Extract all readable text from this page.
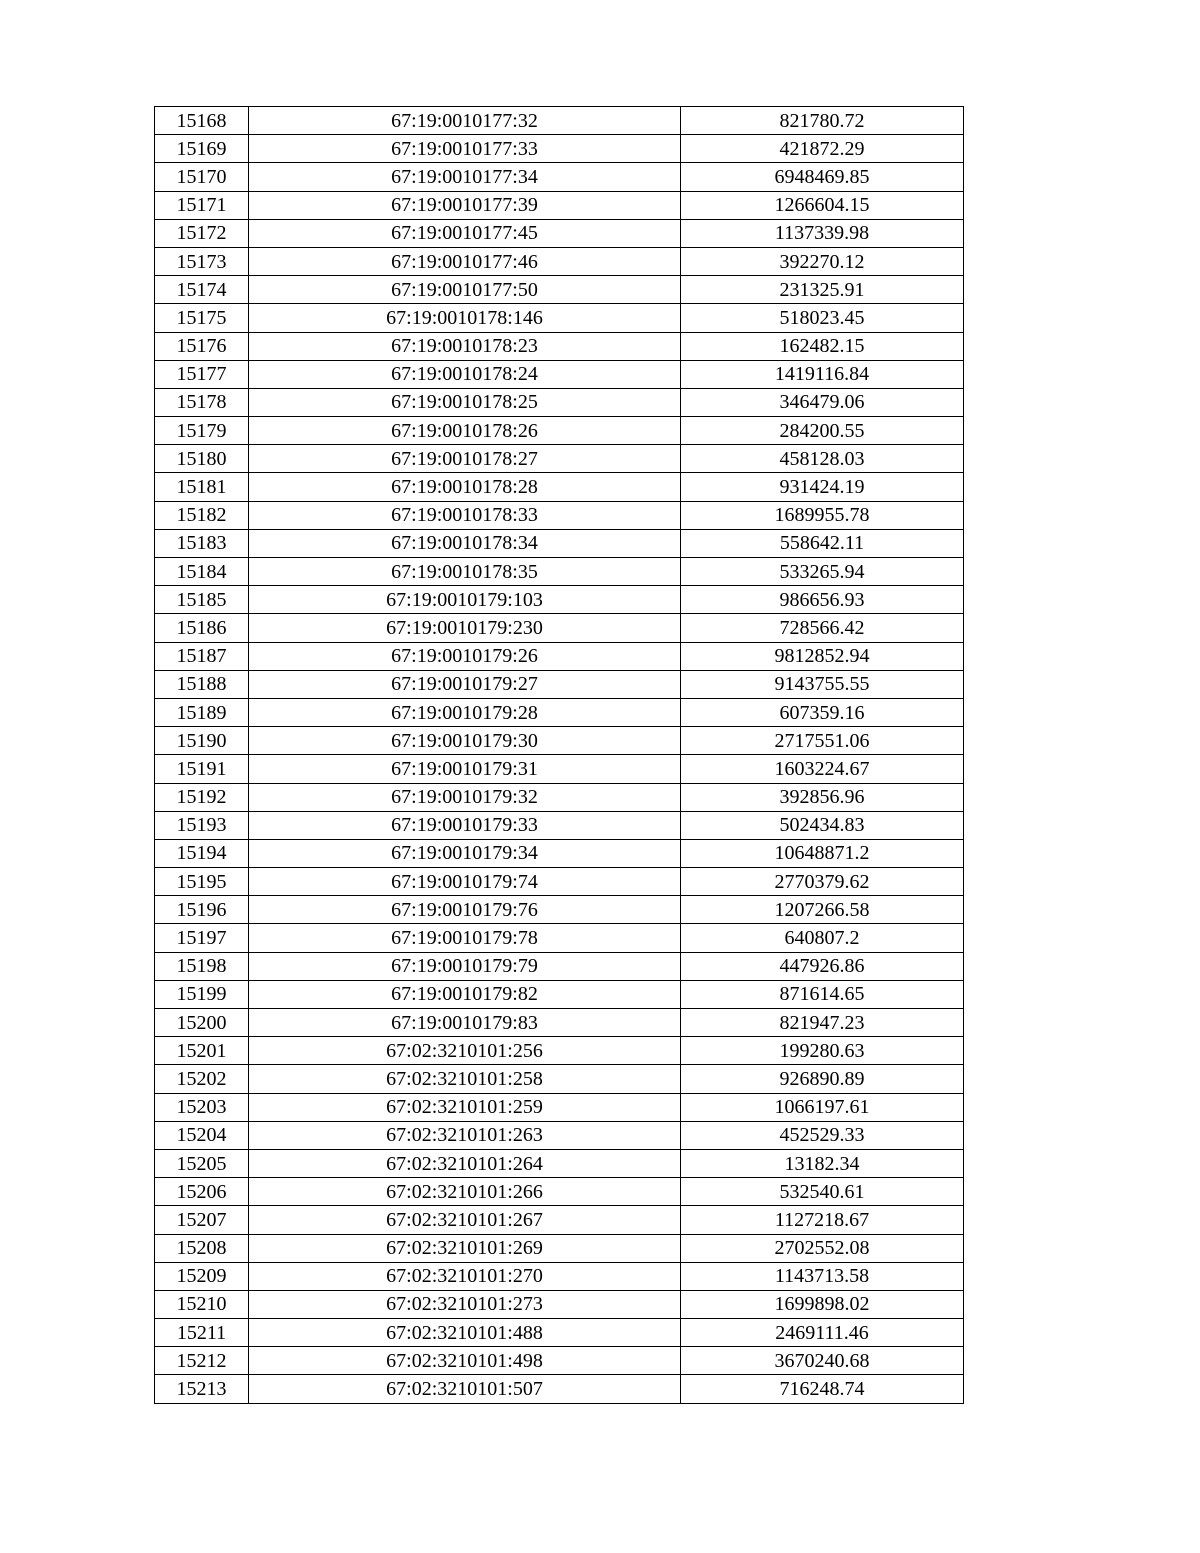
15168	67:19:0010177:32	821780.72
15169	67:19:0010177:33	421872.29
15170	67:19:0010177:34	6948469.85
15171	67:19:0010177:39	1266604.15
15172	67:19:0010177:45	1137339.98
15173	67:19:0010177:46	392270.12
15174	67:19:0010177:50	231325.91
15175	67:19:0010178:146	518023.45
15176	67:19:0010178:23	162482.15
15177	67:19:0010178:24	1419116.84
15178	67:19:0010178:25	346479.06
15179	67:19:0010178:26	284200.55
15180	67:19:0010178:27	458128.03
15181	67:19:0010178:28	931424.19
15182	67:19:0010178:33	1689955.78
15183	67:19:0010178:34	558642.11
15184	67:19:0010178:35	533265.94
15185	67:19:0010179:103	986656.93
15186	67:19:0010179:230	728566.42
15187	67:19:0010179:26	9812852.94
15188	67:19:0010179:27	9143755.55
15189	67:19:0010179:28	607359.16
15190	67:19:0010179:30	2717551.06
15191	67:19:0010179:31	1603224.67
15192	67:19:0010179:32	392856.96
15193	67:19:0010179:33	502434.83
15194	67:19:0010179:34	10648871.2
15195	67:19:0010179:74	2770379.62
15196	67:19:0010179:76	1207266.58
15197	67:19:0010179:78	640807.2
15198	67:19:0010179:79	447926.86
15199	67:19:0010179:82	871614.65
15200	67:19:0010179:83	821947.23
15201	67:02:3210101:256	199280.63
15202	67:02:3210101:258	926890.89
15203	67:02:3210101:259	1066197.61
15204	67:02:3210101:263	452529.33
15205	67:02:3210101:264	13182.34
15206	67:02:3210101:266	532540.61
15207	67:02:3210101:267	1127218.67
15208	67:02:3210101:269	2702552.08
15209	67:02:3210101:270	1143713.58
15210	67:02:3210101:273	1699898.02
15211	67:02:3210101:488	2469111.46
15212	67:02:3210101:498	3670240.68
15213	67:02:3210101:507	716248.74
